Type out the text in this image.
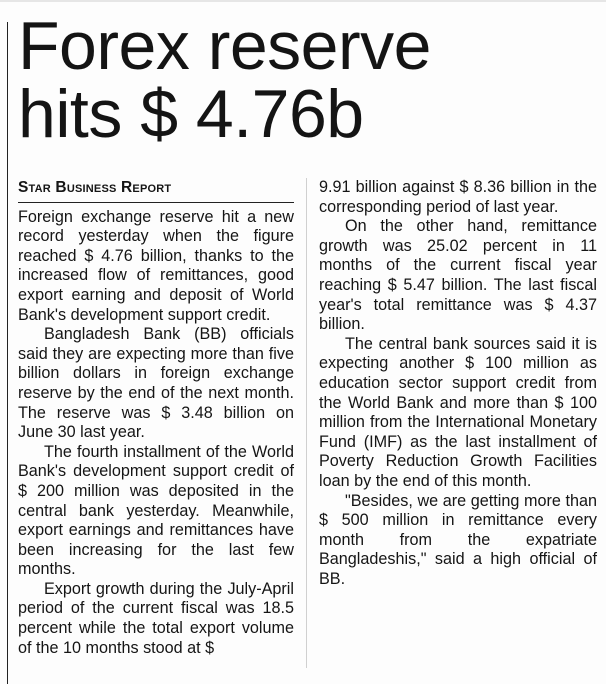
Forex reserve
hits $ 4.76b
Star Business Report

Foreign exchange reserve hit a new record yesterday when the figure reached $ 4.76 billion, thanks to the increased flow of remittances, good export earning and deposit of World Bank's development support credit.

Bangladesh Bank (BB) officials said they are expecting more than five billion dollars in foreign exchange reserve by the end of the next month. The reserve was $ 3.48 billion on June 30 last year.

The fourth installment of the World Bank's development support credit of $ 200 million was deposited in the central bank yesterday. Meanwhile, export earnings and remittances have been increasing for the last few months.

Export growth during the July-April period of the current fiscal was 18.5 percent while the total export volume of the 10 months stood at $

9.91 billion against $ 8.36 billion in the corresponding period of last year.

On the other hand, remittance growth was 25.02 percent in 11 months of the current fiscal year reaching $ 5.47 billion. The last fiscal year's total remittance was $ 4.37 billion.

The central bank sources said it is expecting another $ 100 million as education sector support credit from the World Bank and more than $ 100 million from the International Monetary Fund (IMF) as the last installment of Poverty Reduction Growth Facilities loan by the end of this month.

"Besides, we are getting more than $ 500 million in remittance every month from the expatriate Bangladeshis," said a high official of BB.
